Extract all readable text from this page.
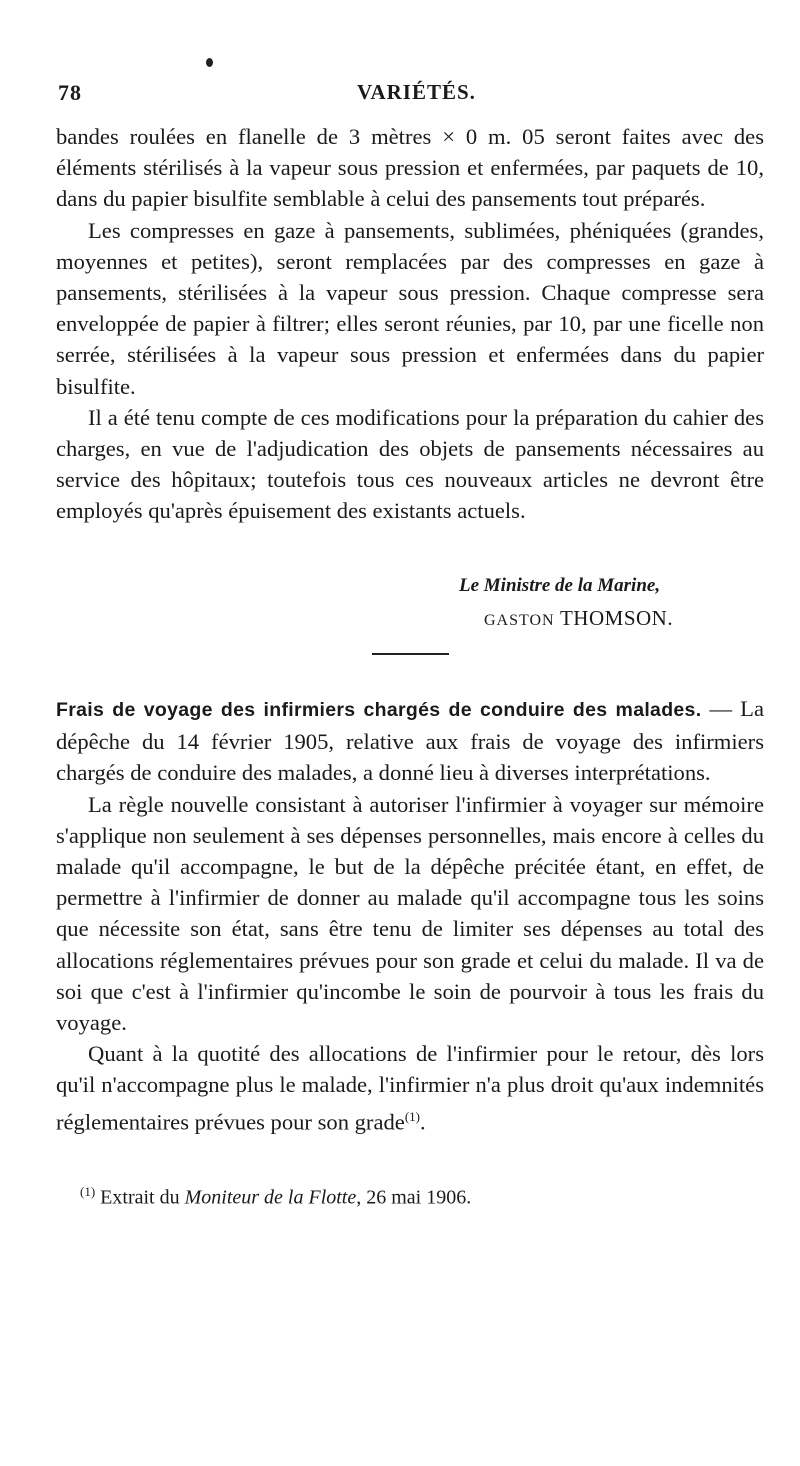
78	VARIÉTÉS.

bandes roulées en flanelle de 3 mètres × 0 m. 05 seront faites avec des éléments stérilisés à la vapeur sous pression et enfermées, par paquets de 10, dans du papier bisulfite semblable à celui des pansements tout préparés.

Les compresses en gaze à pansements, sublimées, phéniquées (grandes, moyennes et petites), seront remplacées par des compresses en gaze à pansements, stérilisées à la vapeur sous pression. Chaque compresse sera enveloppée de papier à filtrer; elles seront réunies, par 10, par une ficelle non serrée, stérilisées à la vapeur sous pression et enfermées dans du papier bisulfite.

Il a été tenu compte de ces modifications pour la préparation du cahier des charges, en vue de l'adjudication des objets de pansements nécessaires au service des hôpitaux; toutefois tous ces nouveaux articles ne devront être employés qu'après épuisement des existants actuels.

Le Ministre de la Marine,
GASTON THOMSON.

Frais de voyage des infirmiers chargés de conduire des malades. — La dépêche du 14 février 1905, relative aux frais de voyage des infirmiers chargés de conduire des malades, a donné lieu à diverses interprétations.

La règle nouvelle consistant à autoriser l'infirmier à voyager sur mémoire s'applique non seulement à ses dépenses personnelles, mais encore à celles du malade qu'il accompagne, le but de la dépêche précitée étant, en effet, de permettre à l'infirmier de donner au malade qu'il accompagne tous les soins que nécessite son état, sans être tenu de limiter ses dépenses au total des allocations réglementaires prévues pour son grade et celui du malade. Il va de soi que c'est à l'infirmier qu'incombe le soin de pourvoir à tous les frais du voyage.

Quant à la quotité des allocations de l'infirmier pour le retour, dès lors qu'il n'accompagne plus le malade, l'infirmier n'a plus droit qu'aux indemnités réglementaires prévues pour son grade$^{(1)}$.

$^{(1)}$ Extrait du Moniteur de la Flotte, 26 mai 1906.
